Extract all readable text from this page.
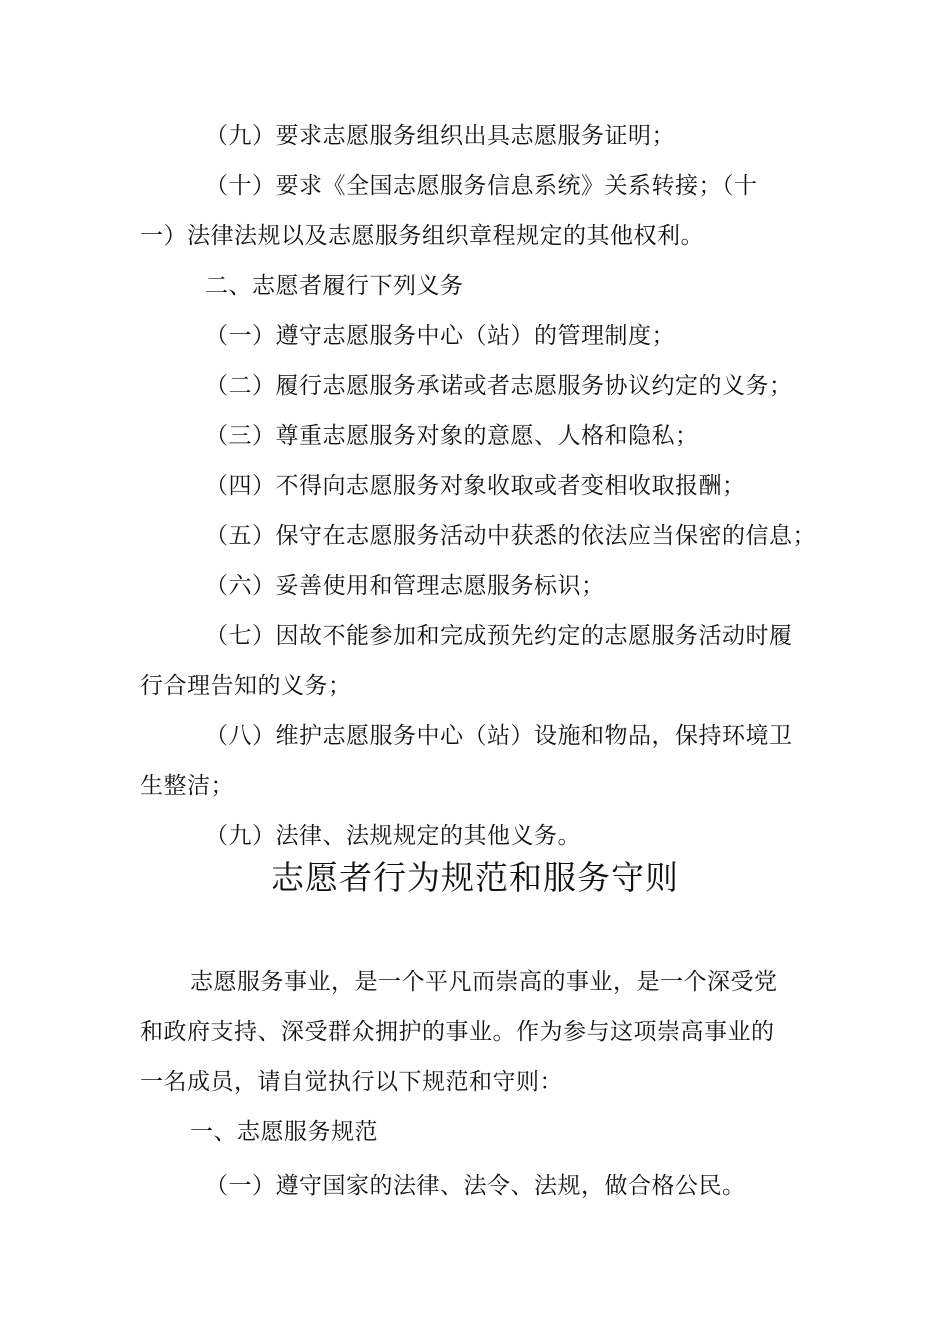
（九）要求志愿服务组织出具志愿服务证明；
（十）要求《全国志愿服务信息系统》关系转接；（十
一）法律法规以及志愿服务组织章程规定的其他权利。
二、志愿者履行下列义务
（一）遵守志愿服务中心（站）的管理制度；
（二）履行志愿服务承诺或者志愿服务协议约定的义务；
（三）尊重志愿服务对象的意愿、人格和隐私；
（四）不得向志愿服务对象收取或者变相收取报酬；
（五）保守在志愿服务活动中获悉的依法应当保密的信息；
（六）妥善使用和管理志愿服务标识；
（七）因故不能参加和完成预先约定的志愿服务活动时履
行合理告知的义务；
（八）维护志愿服务中心（站）设施和物品，保持环境卫
生整洁；
（九）法律、法规规定的其他义务。
志愿者行为规范和服务守则
志愿服务事业，是一个平凡而崇高的事业，是一个深受党
和政府支持、深受群众拥护的事业。作为参与这项崇高事业的
一名成员，请自觉执行以下规范和守则：
一、志愿服务规范
（一）遵守国家的法律、法令、法规，做合格公民。
